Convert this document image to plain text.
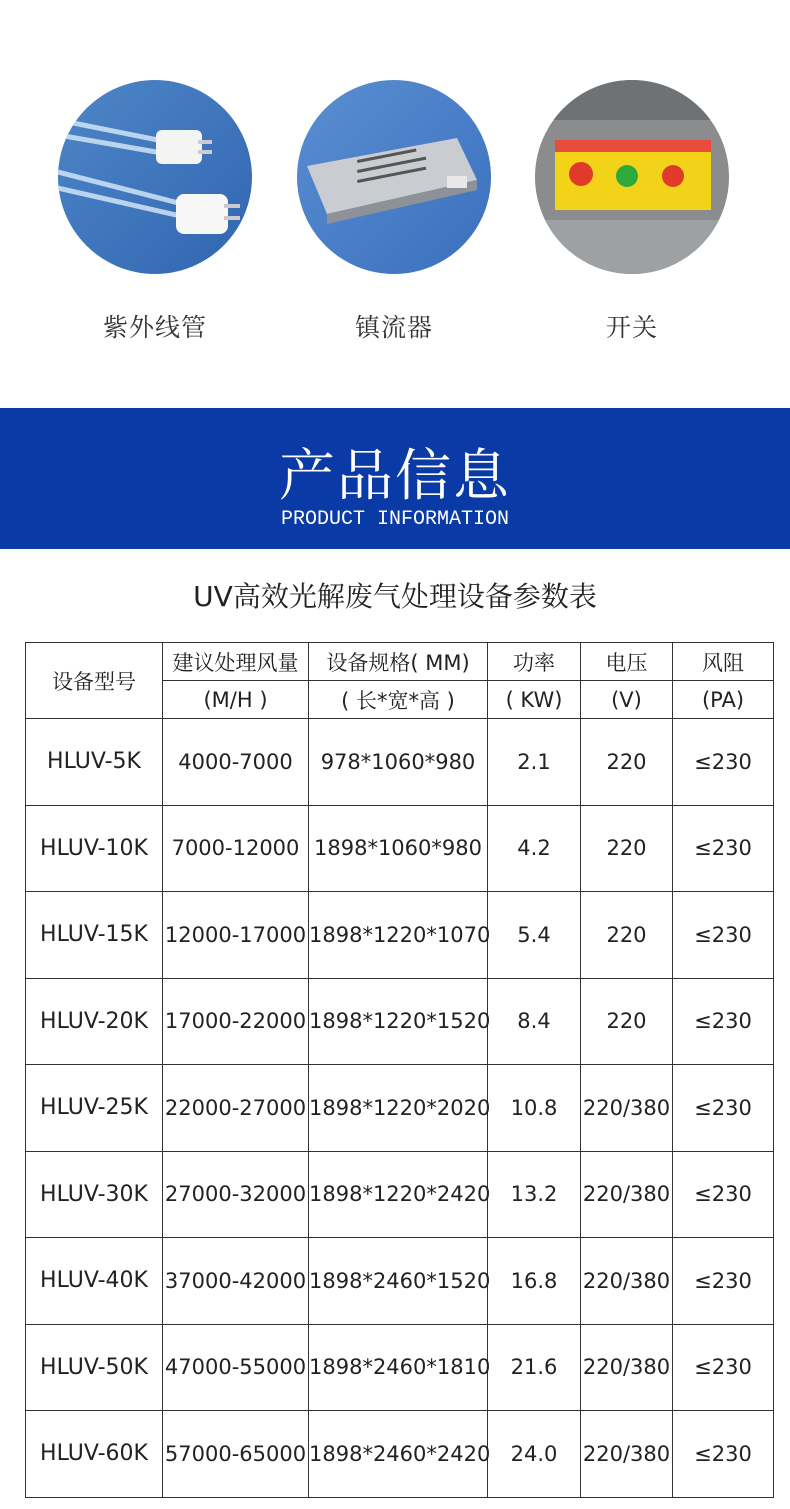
紫外线管	镇流器	开关
产品信息
PRODUCT INFORMATION
UV高效光解废气处理设备参数表
设备型号	建议处理风量	设备规格( MM)	功率	电压	风阻
	(M/H )	( 长*宽*高 )	( KW)	(V)	(PA)
HLUV-5K	4000-7000	978*1060*980	2.1	220	≤230
HLUV-10K	7000-12000	1898*1060*980	4.2	220	≤230
HLUV-15K	12000-17000	1898*1220*1070	5.4	220	≤230
HLUV-20K	17000-22000	1898*1220*1520	8.4	220	≤230
HLUV-25K	22000-27000	1898*1220*2020	10.8	220/380	≤230
HLUV-30K	27000-32000	1898*1220*2420	13.2	220/380	≤230
HLUV-40K	37000-42000	1898*2460*1520	16.8	220/380	≤230
HLUV-50K	47000-55000	1898*2460*1810	21.6	220/380	≤230
HLUV-60K	57000-65000	1898*2460*2420	24.0	220/380	≤230
